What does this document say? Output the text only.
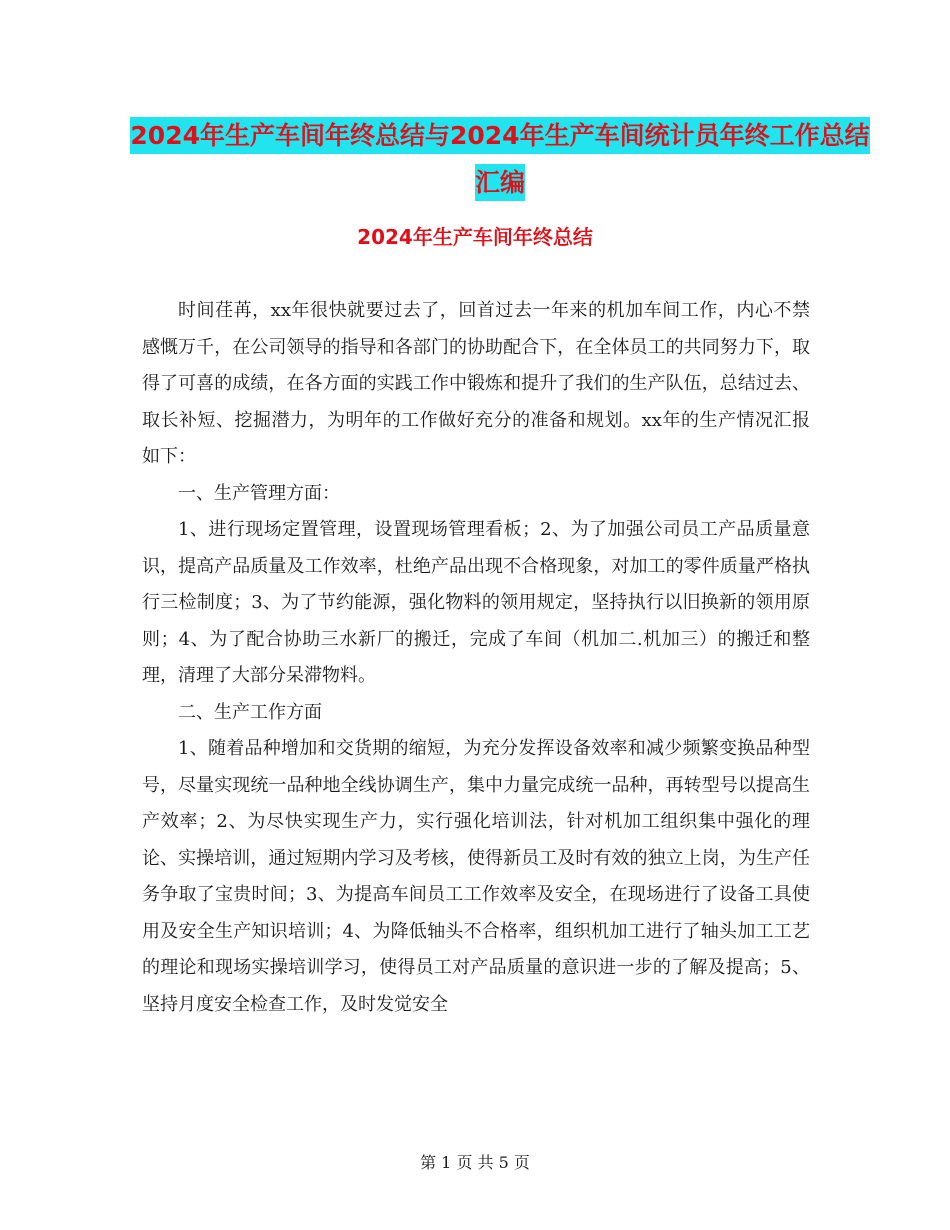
2024年生产车间年终总结与2024年生产车间统计员年终工作总结汇编
2024年生产车间年终总结

时间荏苒，xx年很快就要过去了，回首过去一年来的机加车间工作，内心不禁感慨万千，在公司领导的指导和各部门的协助配合下，在全体员工的共同努力下，取得了可喜的成绩，在各方面的实践工作中锻炼和提升了我们的生产队伍，总结过去、取长补短、挖掘潜力，为明年的工作做好充分的准备和规划。xx年的生产情况汇报如下：

一、生产管理方面：

1、进行现场定置管理，设置现场管理看板；2、为了加强公司员工产品质量意识，提高产品质量及工作效率，杜绝产品出现不合格现象，对加工的零件质量严格执行三检制度；3、为了节约能源，强化物料的领用规定，坚持执行以旧换新的领用原则；4、为了配合协助三水新厂的搬迁，完成了车间（机加二.机加三）的搬迁和整理，清理了大部分呆滞物料。

二、生产工作方面

1、随着品种增加和交货期的缩短，为充分发挥设备效率和减少频繁变换品种型号，尽量实现统一品种地全线协调生产，集中力量完成统一品种，再转型号以提高生产效率；2、为尽快实现生产力，实行强化培训法，针对机加工组织集中强化的理论、实操培训，通过短期内学习及考核，使得新员工及时有效的独立上岗，为生产任务争取了宝贵时间；3、为提高车间员工工作效率及安全，在现场进行了设备工具使用及安全生产知识培训；4、为降低轴头不合格率，组织机加工进行了轴头加工工艺的理论和现场实操培训学习，使得员工对产品质量的意识进一步的了解及提高；5、坚持月度安全检查工作，及时发觉安全

第 1 页 共 5 页
